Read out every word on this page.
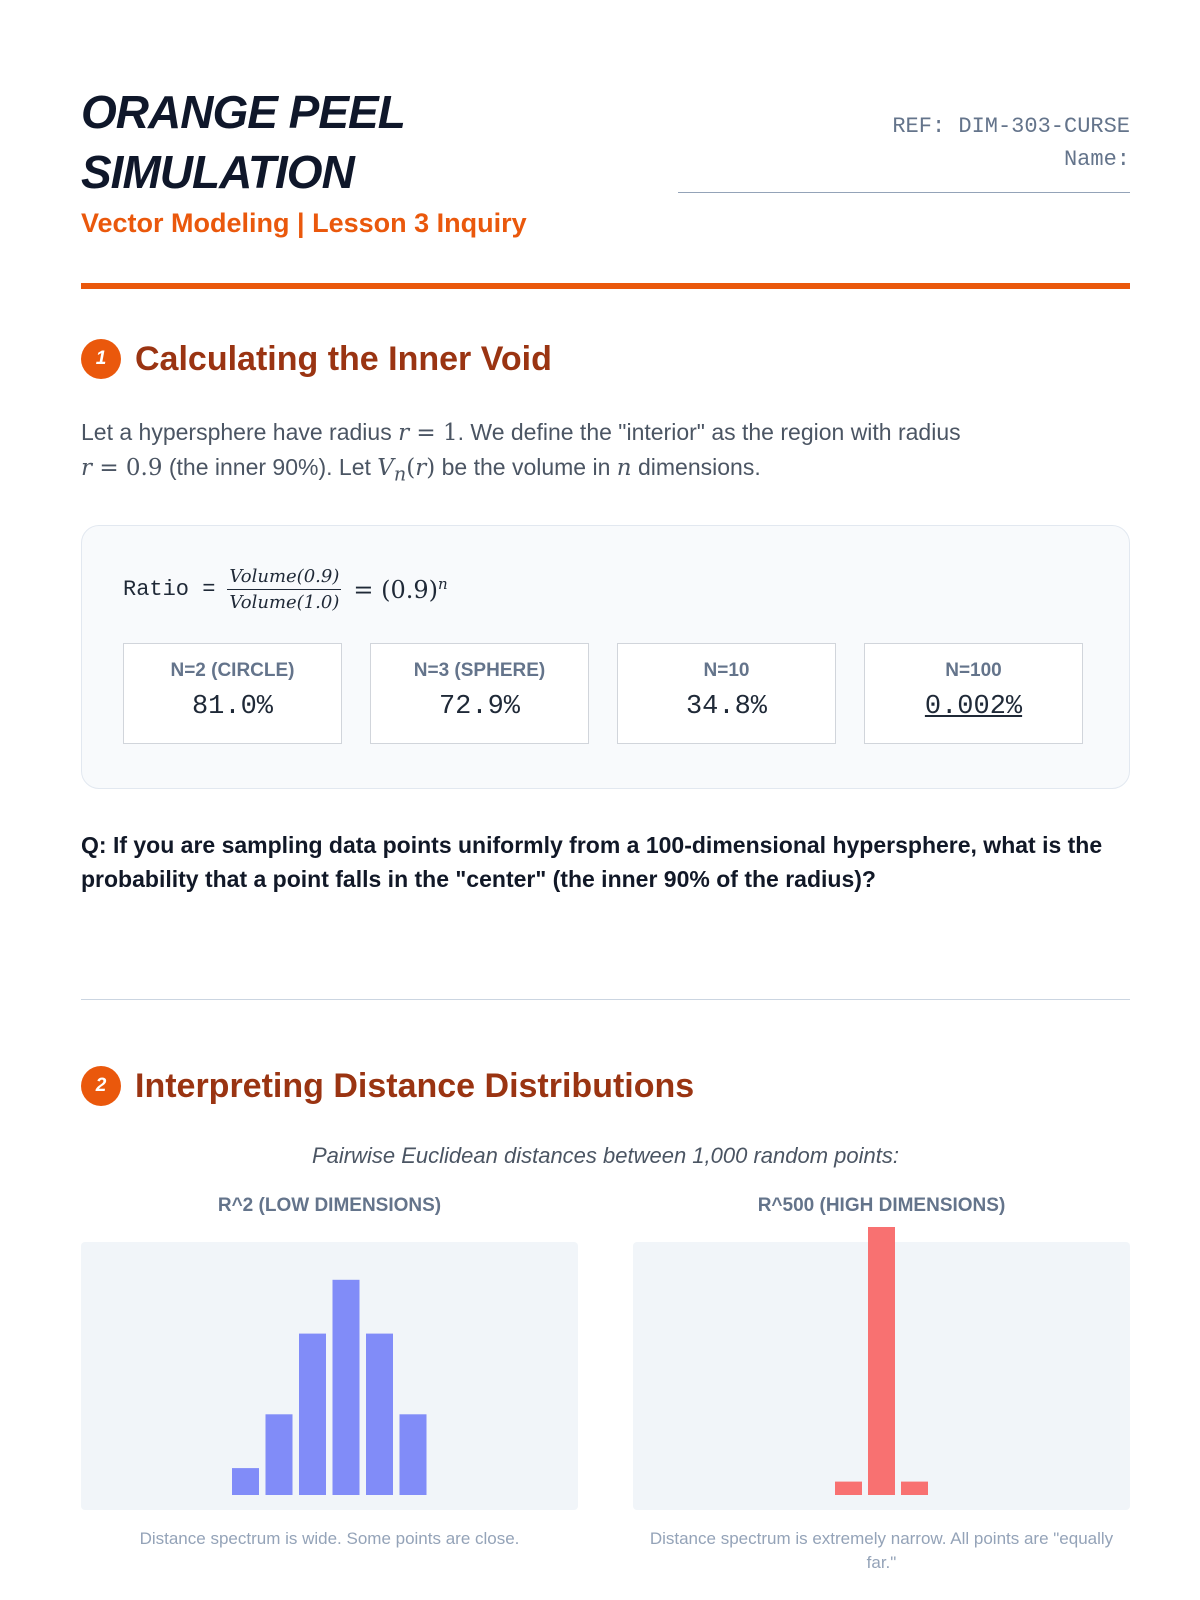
ORANGE PEEL
SIMULATION
Vector Modeling | Lesson 3 Inquiry
REF: DIM-303-CURSE
Name:
1 Calculating the Inner Void
Let a hypersphere have radius r = 1. We define the "interior" as the region with radius
r = 0.9 (the inner 90%). Let $V_n(r)$ be the volume in n dimensions.
Ratio = $\frac{\text{Volume(0.9)}}{\text{Volume(1.0)}} = (0.9)^n$
N=2 (CIRCLE)
81.0%
N=3 (SPHERE)
72.9%
N=10
34.8%
N=100
0.002%
Q: If you are sampling data points uniformly from a 100-dimensional hypersphere, what is the probability that a point falls in the "center" (the inner 90% of the radius)?
2 Interpreting Distance Distributions
Pairwise Euclidean distances between 1,000 random points:
R^2 (LOW DIMENSIONS)
Distance spectrum is wide. Some points are close.
R^500 (HIGH DIMENSIONS)
Distance spectrum is extremely narrow. All points are "equally far."
